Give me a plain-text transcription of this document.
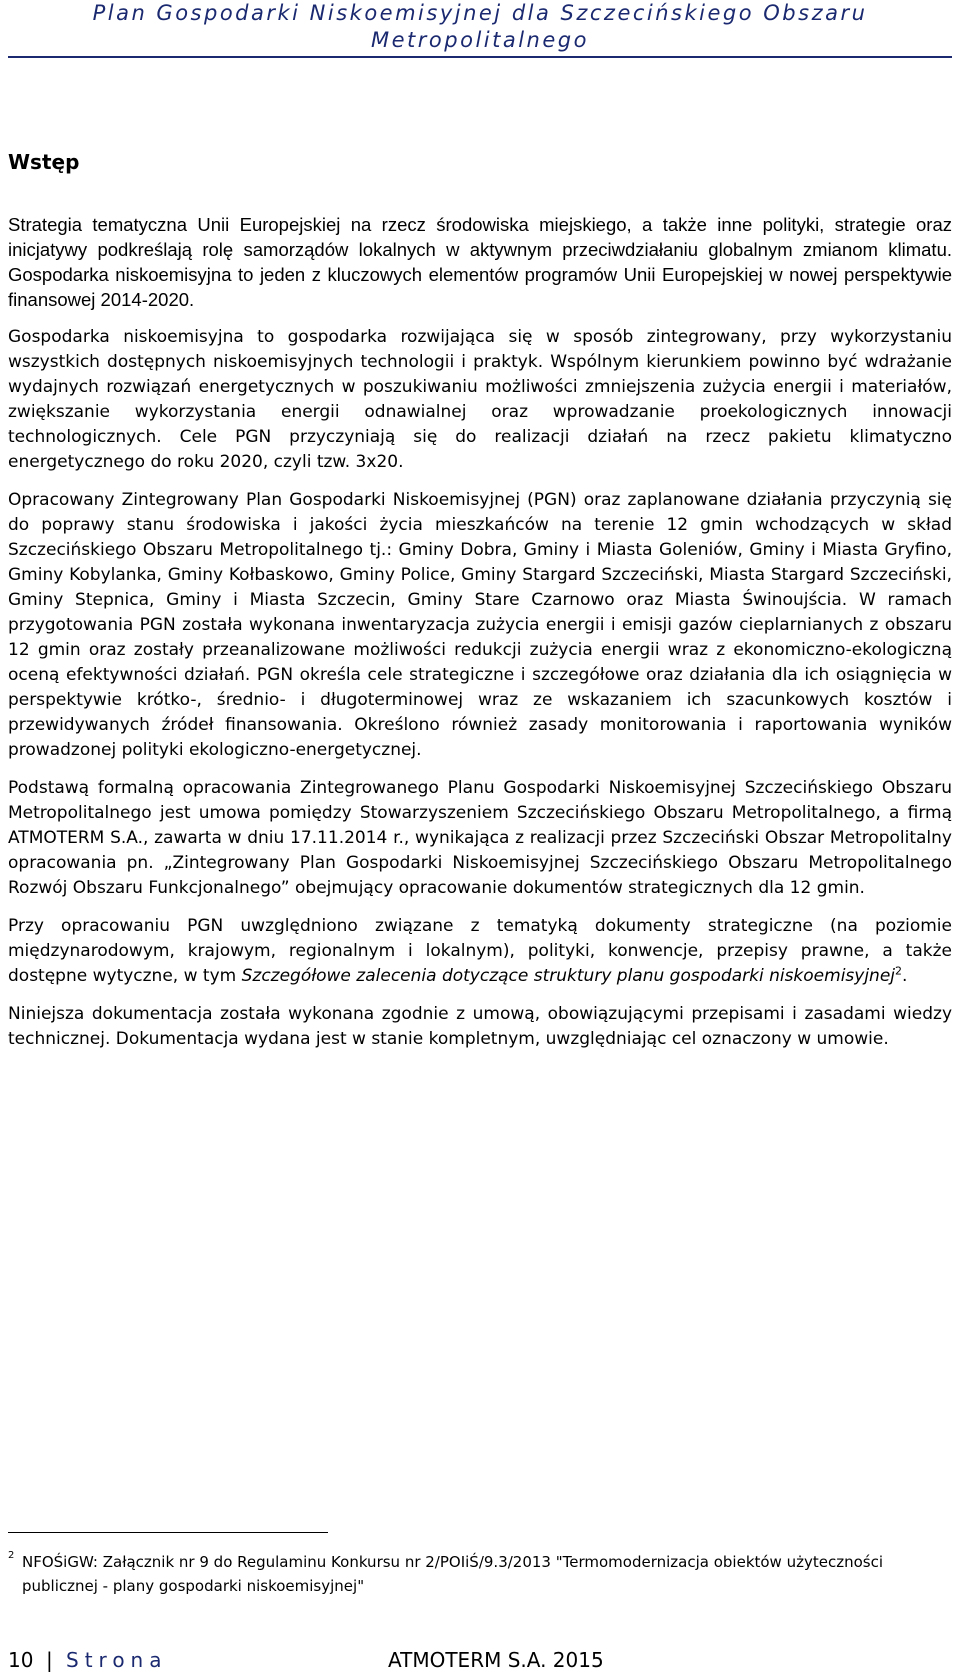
Plan Gospodarki Niskoemisyjnej dla Szczecińskiego Obszaru Metropolitalnego
Wstęp

Strategia tematyczna Unii Europejskiej na rzecz środowiska miejskiego, a także inne polityki, strategie oraz inicjatywy podkreślają rolę samorządów lokalnych w aktywnym przeciwdziałaniu globalnym zmianom klimatu. Gospodarka niskoemisyjna to jeden z kluczowych elementów programów Unii Europejskiej w nowej perspektywie finansowej 2014-2020.

Gospodarka niskoemisyjna to gospodarka rozwijająca się w sposób zintegrowany, przy wykorzystaniu wszystkich dostępnych niskoemisyjnych technologii i praktyk. Wspólnym kierunkiem powinno być wdrażanie wydajnych rozwiązań energetycznych w poszukiwaniu możliwości zmniejszenia zużycia energii i materiałów, zwiększanie wykorzystania energii odnawialnej oraz wprowadzanie proekologicznych innowacji technologicznych. Cele PGN przyczyniają się do realizacji działań na rzecz pakietu klimatyczno energetycznego do roku 2020, czyli tzw. 3x20.

Opracowany Zintegrowany Plan Gospodarki Niskoemisyjnej (PGN) oraz zaplanowane działania przyczynią się do poprawy stanu środowiska i jakości życia mieszkańców na terenie 12 gmin wchodzących w skład Szczecińskiego Obszaru Metropolitalnego tj.: Gminy Dobra, Gminy i Miasta Goleniów, Gminy i Miasta Gryfino, Gminy Kobylanka, Gminy Kołbaskowo, Gminy Police, Gminy Stargard Szczeciński, Miasta Stargard Szczeciński, Gminy Stepnica, Gminy i Miasta Szczecin, Gminy Stare Czarnowo oraz Miasta Świnoujścia. W ramach przygotowania PGN została wykonana inwentaryzacja zużycia energii i emisji gazów cieplarnianych z obszaru 12 gmin oraz zostały przeanalizowane możliwości redukcji zużycia energii wraz z ekonomiczno-ekologiczną oceną efektywności działań. PGN określa cele strategiczne i szczegółowe oraz działania dla ich osiągnięcia w perspektywie krótko-, średnio- i długoterminowej wraz ze wskazaniem ich szacunkowych kosztów i przewidywanych źródeł finansowania. Określono również zasady monitorowania i raportowania wyników prowadzonej polityki ekologiczno-energetycznej.

Podstawą formalną opracowania Zintegrowanego Planu Gospodarki Niskoemisyjnej Szczecińskiego Obszaru Metropolitalnego jest umowa pomiędzy Stowarzyszeniem Szczecińskiego Obszaru Metropolitalnego, a firmą ATMOTERM S.A., zawarta w dniu 17.11.2014 r., wynikająca z realizacji przez Szczeciński Obszar Metropolitalny opracowania pn. „Zintegrowany Plan Gospodarki Niskoemisyjnej Szczecińskiego Obszaru Metropolitalnego Rozwój Obszaru Funkcjonalnego” obejmujący opracowanie dokumentów strategicznych dla 12 gmin.

Przy opracowaniu PGN uwzględniono związane z tematyką dokumenty strategiczne (na poziomie międzynarodowym, krajowym, regionalnym i lokalnym), polityki, konwencje, przepisy prawne, a także dostępne wytyczne, w tym Szczegółowe zalecenia dotyczące struktury planu gospodarki niskoemisyjnej$^2$.

Niniejsza dokumentacja została wykonana zgodnie z umową, obowiązującymi przepisami i zasadami wiedzy technicznej. Dokumentacja wydana jest w stanie kompletnym, uwzględniając cel oznaczony w umowie.

2 NFOŚiGW: Załącznik nr 9 do Regulaminu Konkursu nr 2/POIiŚ/9.3/2013 "Termomodernizacja obiektów użyteczności publicznej - plany gospodarki niskoemisyjnej"
10 | Strona	ATMOTERM S.A. 2015
